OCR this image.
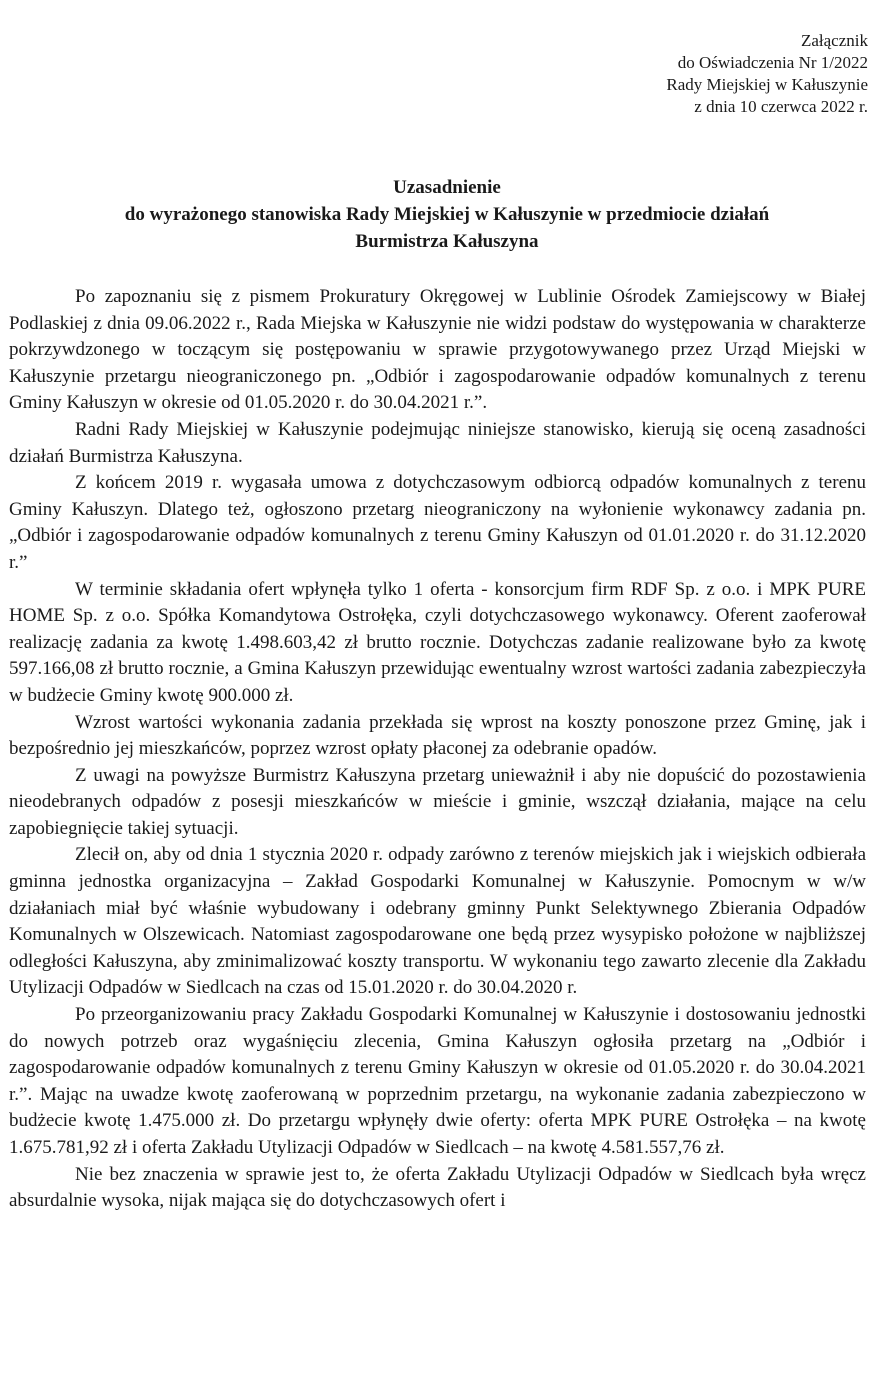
Załącznik
do Oświadczenia Nr 1/2022
Rady Miejskiej w Kałuszynie
z dnia 10 czerwca 2022 r.
Uzasadnienie
do wyrażonego stanowiska Rady Miejskiej w Kałuszynie w przedmiocie działań
Burmistrza Kałuszyna

Po zapoznaniu się z pismem Prokuratury Okręgowej w Lublinie Ośrodek Zamiejscowy w Białej Podlaskiej z dnia 09.06.2022 r., Rada Miejska w Kałuszynie nie widzi podstaw do występowania w charakterze pokrzywdzonego w toczącym się postępowaniu w sprawie przygotowywanego przez Urząd Miejski w Kałuszynie przetargu nieograniczonego pn. „Odbiór i zagospodarowanie odpadów komunalnych z terenu Gminy Kałuszyn w okresie od 01.05.2020 r. do 30.04.2021 r.”.

Radni Rady Miejskiej w Kałuszynie podejmując niniejsze stanowisko, kierują się oceną zasadności działań Burmistrza Kałuszyna.

Z końcem 2019 r. wygasała umowa z dotychczasowym odbiorcą odpadów komunalnych z terenu Gminy Kałuszyn. Dlatego też, ogłoszono przetarg nieograniczony na wyłonienie wykonawcy zadania pn. „Odbiór i zagospodarowanie odpadów komunalnych z terenu Gminy Kałuszyn od 01.01.2020 r. do 31.12.2020 r.”

W terminie składania ofert wpłynęła tylko 1 oferta - konsorcjum firm RDF Sp. z o.o. i MPK PURE HOME Sp. z o.o. Spółka Komandytowa Ostrołęka, czyli dotychczasowego wykonawcy. Oferent zaoferował realizację zadania za kwotę 1.498.603,42 zł brutto rocznie. Dotychczas zadanie realizowane było za kwotę 597.166,08 zł brutto rocznie, a Gmina Kałuszyn przewidując ewentualny wzrost wartości zadania zabezpieczyła w budżecie Gminy kwotę 900.000 zł.

Wzrost wartości wykonania zadania przekłada się wprost na koszty ponoszone przez Gminę, jak i bezpośrednio jej mieszkańców, poprzez wzrost opłaty płaconej za odebranie opadów.

Z uwagi na powyższe Burmistrz Kałuszyna przetarg unieważnił i aby nie dopuścić do pozostawienia nieodebranych odpadów z posesji mieszkańców w mieście i gminie, wszczął działania, mające na celu zapobiegnięcie takiej sytuacji.

Zlecił on, aby od dnia 1 stycznia 2020 r. odpady zarówno z terenów miejskich jak i wiejskich odbierała gminna jednostka organizacyjna – Zakład Gospodarki Komunalnej w Kałuszynie. Pomocnym w w/w działaniach miał być właśnie wybudowany i odebrany gminny Punkt Selektywnego Zbierania Odpadów Komunalnych w Olszewicach. Natomiast zagospodarowane one będą przez wysypisko położone w najbliższej odległości Kałuszyna, aby zminimalizować koszty transportu. W wykonaniu tego zawarto zlecenie dla Zakładu Utylizacji Odpadów w Siedlcach na czas od 15.01.2020 r. do 30.04.2020 r.

Po przeorganizowaniu pracy Zakładu Gospodarki Komunalnej w Kałuszynie i dostosowaniu jednostki do nowych potrzeb oraz wygaśnięciu zlecenia, Gmina Kałuszyn ogłosiła przetarg na „Odbiór i zagospodarowanie odpadów komunalnych z terenu Gminy Kałuszyn w okresie od 01.05.2020 r. do 30.04.2021 r.”. Mając na uwadze kwotę zaoferowaną w poprzednim przetargu, na wykonanie zadania zabezpieczono w budżecie kwotę 1.475.000 zł. Do przetargu wpłynęły dwie oferty: oferta MPK PURE Ostrołęka – na kwotę 1.675.781,92 zł i oferta Zakładu Utylizacji Odpadów w Siedlcach – na kwotę 4.581.557,76 zł.

Nie bez znaczenia w sprawie jest to, że oferta Zakładu Utylizacji Odpadów w Siedlcach była wręcz absurdalnie wysoka, nijak mająca się do dotychczasowych ofert i
